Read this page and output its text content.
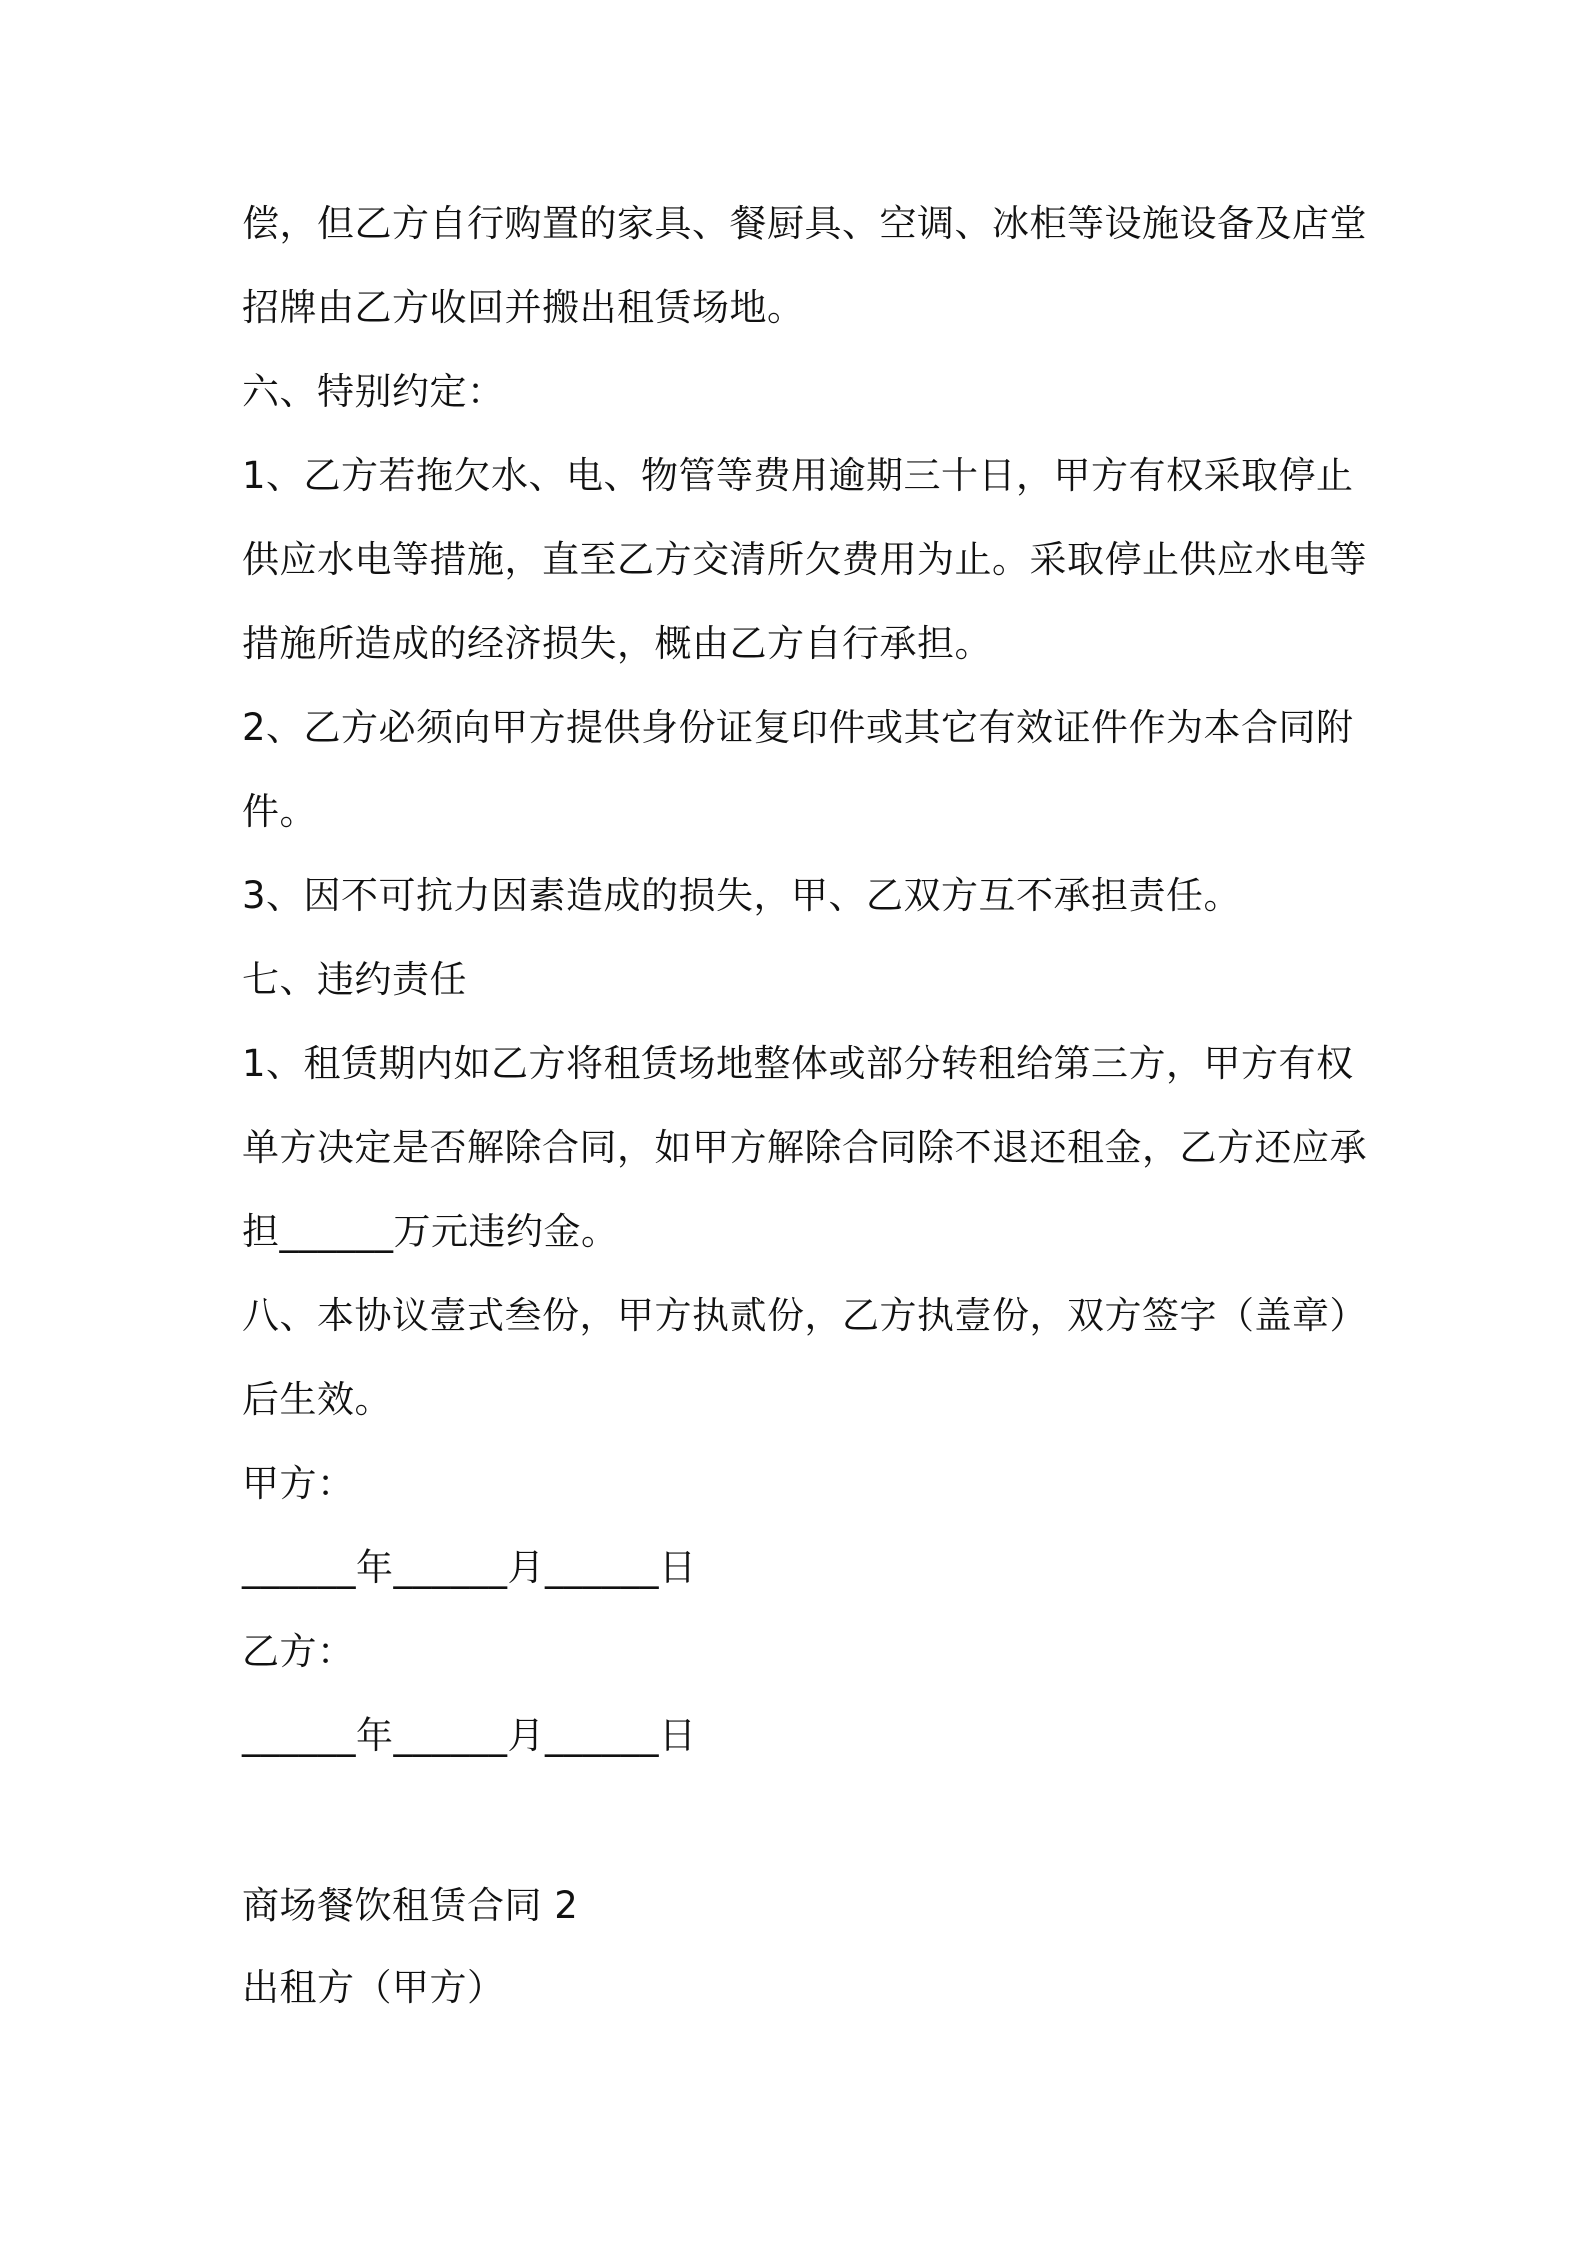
偿，但乙方自行购置的家具、餐厨具、空调、冰柜等设施设备及店堂
招牌由乙方收回并搬出租赁场地。
六、特别约定：
1、乙方若拖欠水、电、物管等费用逾期三十日，甲方有权采取停止
供应水电等措施，直至乙方交清所欠费用为止。采取停止供应水电等
措施所造成的经济损失，概由乙方自行承担。
2、乙方必须向甲方提供身份证复印件或其它有效证件作为本合同附
件。
3、因不可抗力因素造成的损失，甲、乙双方互不承担责任。
七、违约责任
1、租赁期内如乙方将租赁场地整体或部分转租给第三方，甲方有权
单方决定是否解除合同，如甲方解除合同除不退还租金，乙方还应承
担______万元违约金。
八、本协议壹式叁份，甲方执贰份，乙方执壹份，双方签字（盖章）
后生效。
甲方：
______年______月______日
乙方：
______年______月______日
商场餐饮租赁合同 2
出租方（甲方）
